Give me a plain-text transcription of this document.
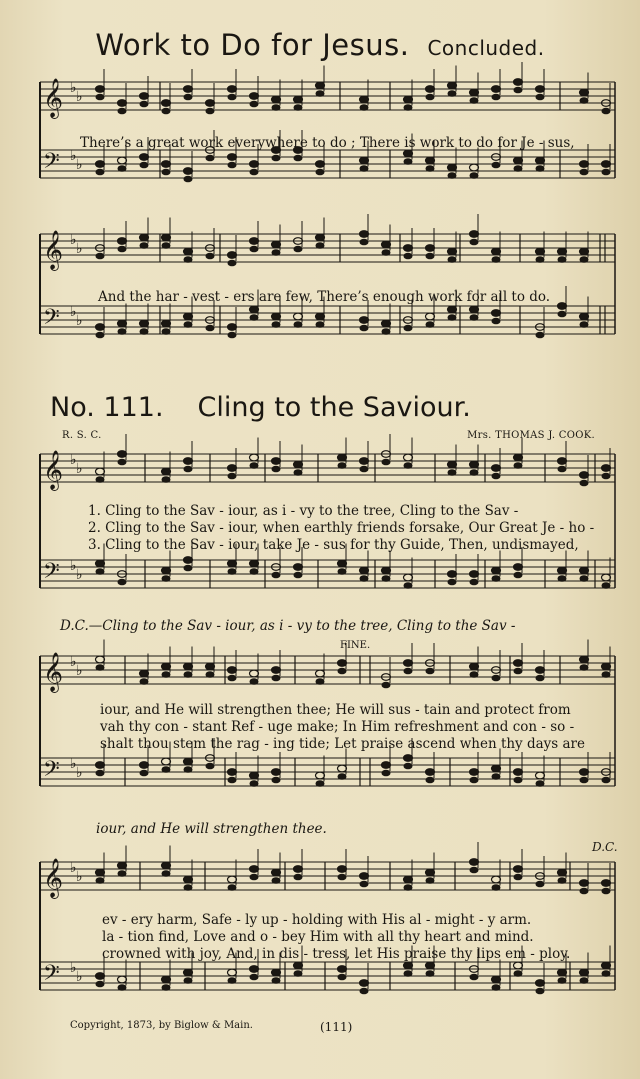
Work to Do for Jesus. Concluded.
𝄞 ♭
♭
𝄢 ♭
♭
There’s a great work everywhere to do ; There is work to do for Je - sus,
𝄞 ♭
♭
𝄢 ♭
♭
And the har - vest - ers are few, There’s enough work for all to do.
No. 111. Cling to the Saviour.
R. S. C.	Mrs. THOMAS J. COOK.
𝄞 ♭
♭
𝄢 ♭
♭
1. Cling to the Sav - iour, as i - vy to the tree, Cling to the Sav -
2. Cling to the Sav - iour, when earthly friends forsake, Our Great Je - ho -
3. Cling to the Sav - iour, take Je - sus for thy Guide, Then, undismayed,
D.C.—Cling to the Sav - iour, as i - vy to the tree, Cling to the Sav -
FINE.
𝄞 ♭
♭
𝄢 ♭
♭
iour, and He will strengthen thee; He will sus - tain and protect from
vah thy con - stant Ref - uge make; In Him refreshment and con - so -
shalt thou stem the rag - ing tide; Let praise ascend when thy days are
iour, and He will strengthen thee.
D.C.
𝄞 ♭
♭
𝄢 ♭
♭
ev - ery harm, Safe - ly up - holding with His al - might - y arm.
la - tion find, Love and o - bey Him with all thy heart and mind.
crowned with joy, And, in dis - tress, let His praise thy lips em - ploy.
Copyright, 1873, by Biglow & Main.	(111)
